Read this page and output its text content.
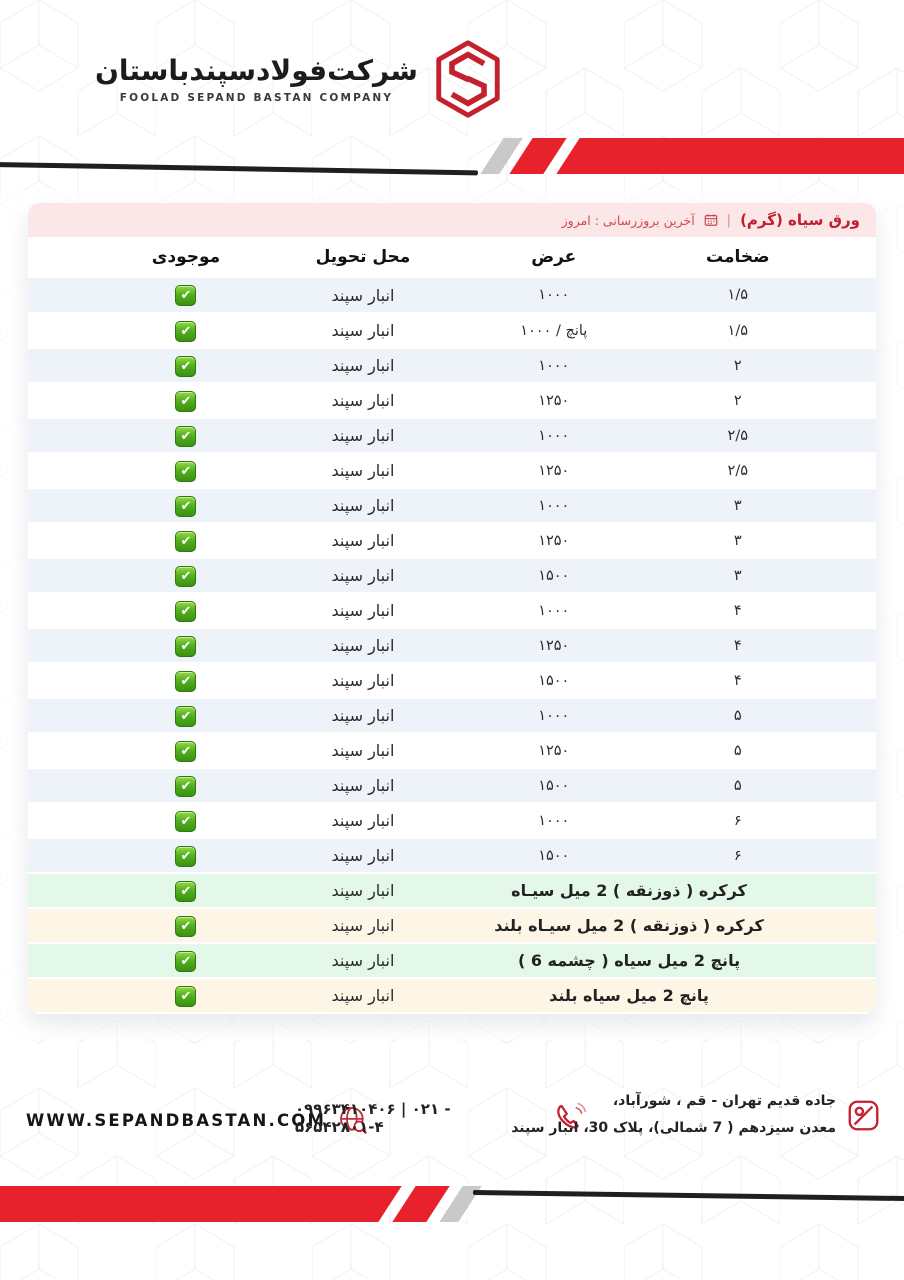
شرکت‌فولادسپندباستان
FOOLAD SEPAND BASTAN COMPANY
ورق سیاه (گرم)
|
آخرین بروزرسانی : امروز
ضخامت	عرض	محل تحویل	موجودی
۱/۵	۱۰۰۰	انبار سپند	✔
۱/۵	پانچ / ۱۰۰۰	انبار سپند	✔
۲	۱۰۰۰	انبار سپند	✔
۲	۱۲۵۰	انبار سپند	✔
۲/۵	۱۰۰۰	انبار سپند	✔
۲/۵	۱۲۵۰	انبار سپند	✔
۳	۱۰۰۰	انبار سپند	✔
۳	۱۲۵۰	انبار سپند	✔
۳	۱۵۰۰	انبار سپند	✔
۴	۱۰۰۰	انبار سپند	✔
۴	۱۲۵۰	انبار سپند	✔
۴	۱۵۰۰	انبار سپند	✔
۵	۱۰۰۰	انبار سپند	✔
۵	۱۲۵۰	انبار سپند	✔
۵	۱۵۰۰	انبار سپند	✔
۶	۱۰۰۰	انبار سپند	✔
۶	۱۵۰۰	انبار سپند	✔
کرکره ( ذوزنقه ) 2 میل سیـاه		انبار سپند	✔
کرکره ( ذوزنقه ) 2 میل سیـاه بلند		انبار سپند	✔
پانچ 2 میل سیاه ( چشمه 6 )		انبار سپند	✔
پانچ 2 میل سیاه بلند		انبار سپند	✔
WWW.SEPANDBASTAN.COM
۰۹۹۶۳۴۱۰۴۰۶ | ۰۲۱ - ۵۶۵۴۲۸۰۱-۴
جاده قدیم تهران - قم ، شورآباد،
معدن سیزدهم ( 7 شمالی)، پلاک 30، انبار سپند
